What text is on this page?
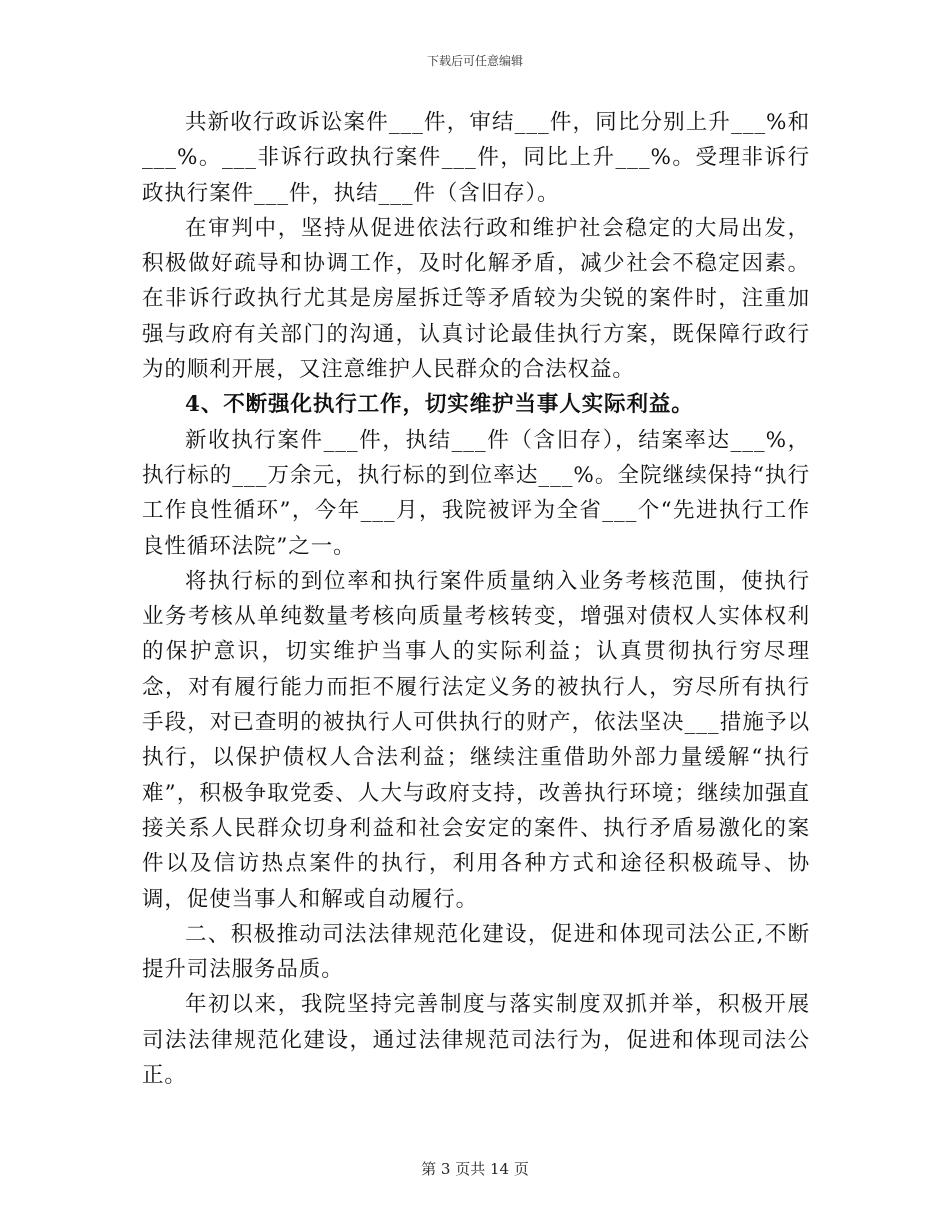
下载后可任意编辑

共新收行政诉讼案件___件，审结___件，同比分别上升___%和___%。___非诉行政执行案件___件，同比上升___%。受理非诉行政执行案件___件，执结___件（含旧存）。

在审判中，坚持从促进依法行政和维护社会稳定的大局出发，积极做好疏导和协调工作，及时化解矛盾，减少社会不稳定因素。在非诉行政执行尤其是房屋拆迁等矛盾较为尖锐的案件时，注重加强与政府有关部门的沟通，认真讨论最佳执行方案，既保障行政行为的顺利开展，又注意维护人民群众的合法权益。

4、不断强化执行工作，切实维护当事人实际利益。

新收执行案件___件，执结___件（含旧存），结案率达___%，执行标的___万余元，执行标的到位率达___%。全院继续保持“执行工作良性循环”，今年___月，我院被评为全省___个“先进执行工作良性循环法院”之一。

将执行标的到位率和执行案件质量纳入业务考核范围，使执行业务考核从单纯数量考核向质量考核转变，增强对债权人实体权利的保护意识，切实维护当事人的实际利益；认真贯彻执行穷尽理念，对有履行能力而拒不履行法定义务的被执行人，穷尽所有执行手段，对已查明的被执行人可供执行的财产，依法坚决___措施予以执行，以保护债权人合法利益；继续注重借助外部力量缓解“执行难”，积极争取党委、人大与政府支持，改善执行环境；继续加强直接关系人民群众切身利益和社会安定的案件、执行矛盾易激化的案件以及信访热点案件的执行，利用各种方式和途径积极疏导、协调，促使当事人和解或自动履行。

二、积极推动司法法律规范化建设，促进和体现司法公正,不断提升司法服务品质。

年初以来，我院坚持完善制度与落实制度双抓并举，积极开展司法法律规范化建设，通过法律规范司法行为，促进和体现司法公正。

第 3 页共 14 页
